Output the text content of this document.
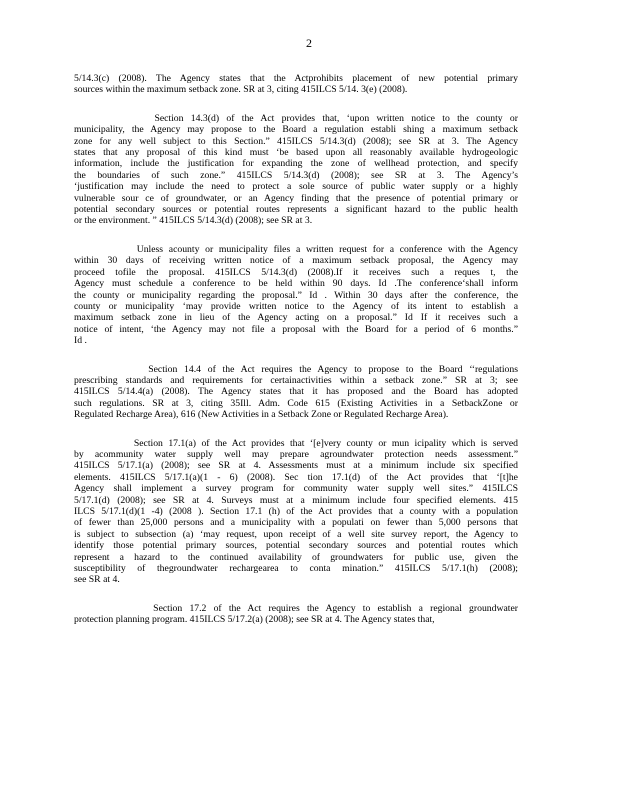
2
5/14.3(c) (2008). The Agency states that the Actprohibits placement of new potential primary
sources within the maximum setback zone. SR at 3, citing 415ILCS 5/14. 3(e) (2008).
Section 14.3(d) of the Act provides that, ‘upon written notice to the county or
municipality, the Agency may propose to the Board a regulation establi shing a maximum setback
zone for any well subject to this Section.” 415ILCS 5/14.3(d) (2008); see SR at 3. The Agency
states that any proposal of this kind must ‘be based upon all reasonably available hydrogeologic
information, include the justification for expanding the zone of wellhead protection, and specify
the boundaries of such zone.” 415ILCS 5/14.3(d) (2008); see SR at 3. The Agency’s
‘justification may include the need to protect a sole source of public water supply or a highly
vulnerable sour ce of groundwater, or an Agency finding that the presence of potential primary or
potential secondary sources or potential routes represents a significant hazard to the public health
or the environment. ” 415ILCS 5/14.3(d) (2008); see SR at 3.
Unless acounty or municipality files a written request for a conference with the Agency
within 30 days of receiving written notice of a maximum setback proposal, the Agency may
proceed tofile the proposal. 415ILCS 5/14.3(d) (2008).If it receives such a reques t, the
Agency must schedule a conference to be held within 90 days. Id .The conference‘shall inform
the county or municipality regarding the proposal.” Id . Within 30 days after the conference, the
county or municipality ‘may provide written notice to the Agency of its intent to establish a
maximum setback zone in lieu of the Agency acting on a proposal.” Id If it receives such a
notice of intent, ‘the Agency may not file a proposal with the Board for a period of 6 months.”
Id .
Section 14.4 of the Act requires the Agency to propose to the Board ‘‘regulations
prescribing standards and requirements for certainactivities within a setback zone.” SR at 3; see
415ILCS 5/14.4(a) (2008). The Agency states that it has proposed and the Board has adopted
such regulations. SR at 3, citing 35Ill. Adm. Code 615 (Existing Activities in a SetbackZone or
Regulated Recharge Area), 616 (New Activities in a Setback Zone or Regulated Recharge Area).
Section 17.1(a) of the Act provides that ‘[e]very county or mun icipality which is served
by acommunity water supply well may prepare agroundwater protection needs assessment.”
415ILCS 5/17.1(a) (2008); see SR at 4. Assessments must at a minimum include six specified
elements. 415ILCS 5/17.1(a)(1 - 6) (2008). Sec tion 17.1(d) of the Act provides that ‘[t]he
Agency shall implement a survey program for community water supply well sites.” 415ILCS
5/17.1(d) (2008); see SR at 4. Surveys must at a minimum include four specified elements. 415
ILCS 5/17.1(d)(1 -4) (2008 ). Section 17.1 (h) of the Act provides that a county with a population
of fewer than 25,000 persons and a municipality with a populati on fewer than 5,000 persons that
is subject to subsection (a) ‘may request, upon receipt of a well site survey report, the Agency to
identify those potential primary sources, potential secondary sources and potential routes which
represent a hazard to the continued availability of groundwaters for public use, given the
susceptibility of thegroundwater rechargearea to conta mination.” 415ILCS 5/17.1(h) (2008);
see SR at 4.
Section 17.2 of the Act requires the Agency to establish a regional groundwater
protection planning program. 415ILCS 5/17.2(a) (2008); see SR at 4. The Agency states that,
